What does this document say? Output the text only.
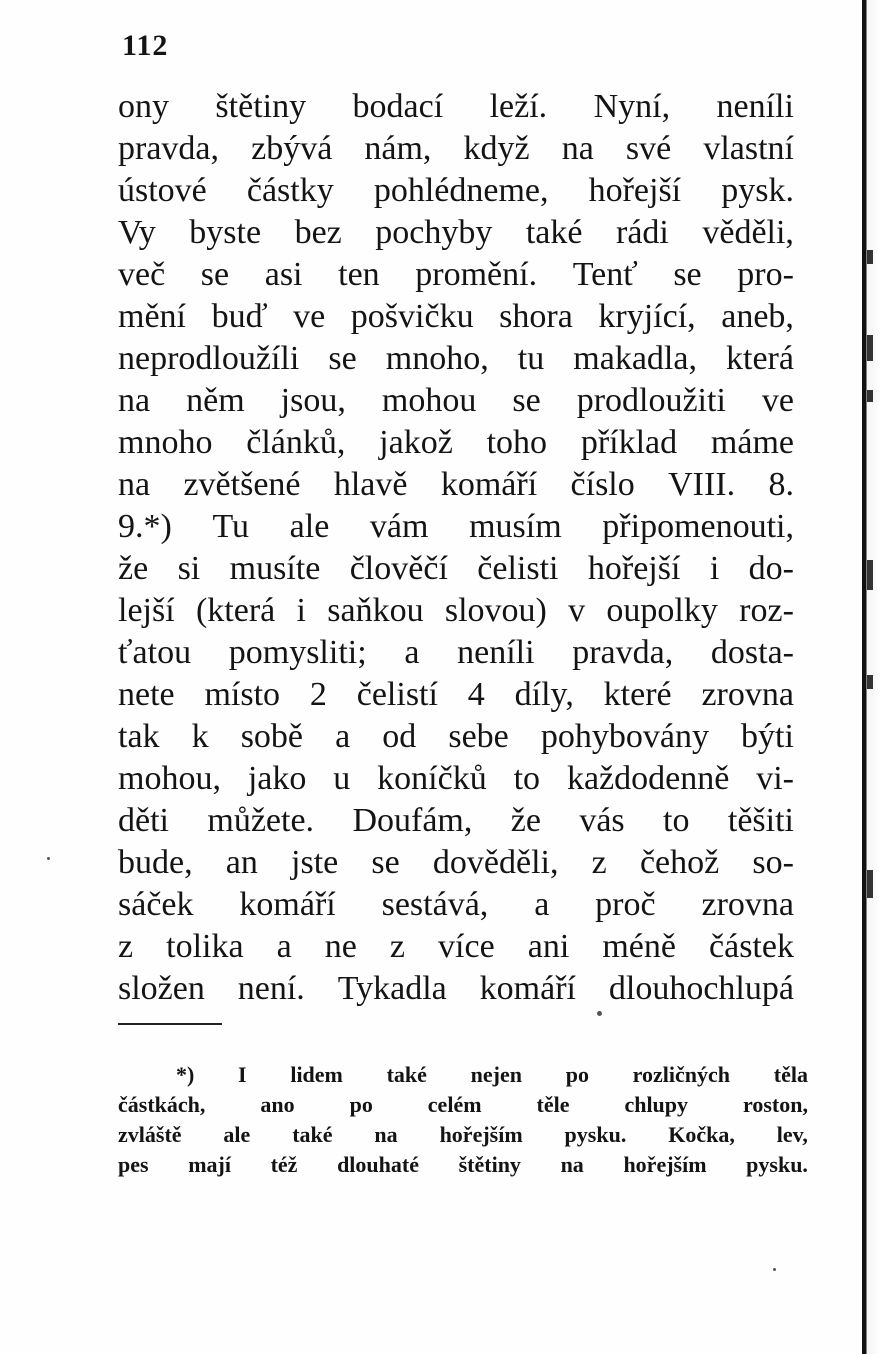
112
ony štětiny bodací leží. Nyní, neníli
pravda, zbývá nám, když na své vlastní
ústové částky pohlédneme, hořejší pysk.
Vy byste bez pochyby také rádi věděli,
več se asi ten promění. Tenť se pro-
mění buď ve pošvičku shora kryjící, aneb,
neprodloužíli se mnoho, tu makadla, která
na něm jsou, mohou se prodloužiti ve
mnoho článků, jakož toho příklad máme
na zvětšené hlavě komáří číslo VIII. 8.
9.*) Tu ale vám musím připomenouti,
že si musíte člověčí čelisti hořejší i do-
lejší (která i saňkou slovou) v oupolky roz-
ťatou pomysliti; a neníli pravda, dosta-
nete místo 2 čelistí 4 díly, které zrovna
tak k sobě a od sebe pohybovány býti
mohou, jako u koníčků to každodenně vi-
děti můžete. Doufám, že vás to těšiti
bude, an jste se dověděli, z čehož so-
sáček komáří sestává, a proč zrovna
z tolika a ne z více ani méně částek
složen není. Tykadla komáří dlouhochlupá
*) I lidem také nejen po rozličných těla
částkách, ano po celém těle chlupy roston,
zvláště ale také na hořejším pysku. Kočka, lev,
pes mají též dlouhaté štětiny na hořejším pysku.
